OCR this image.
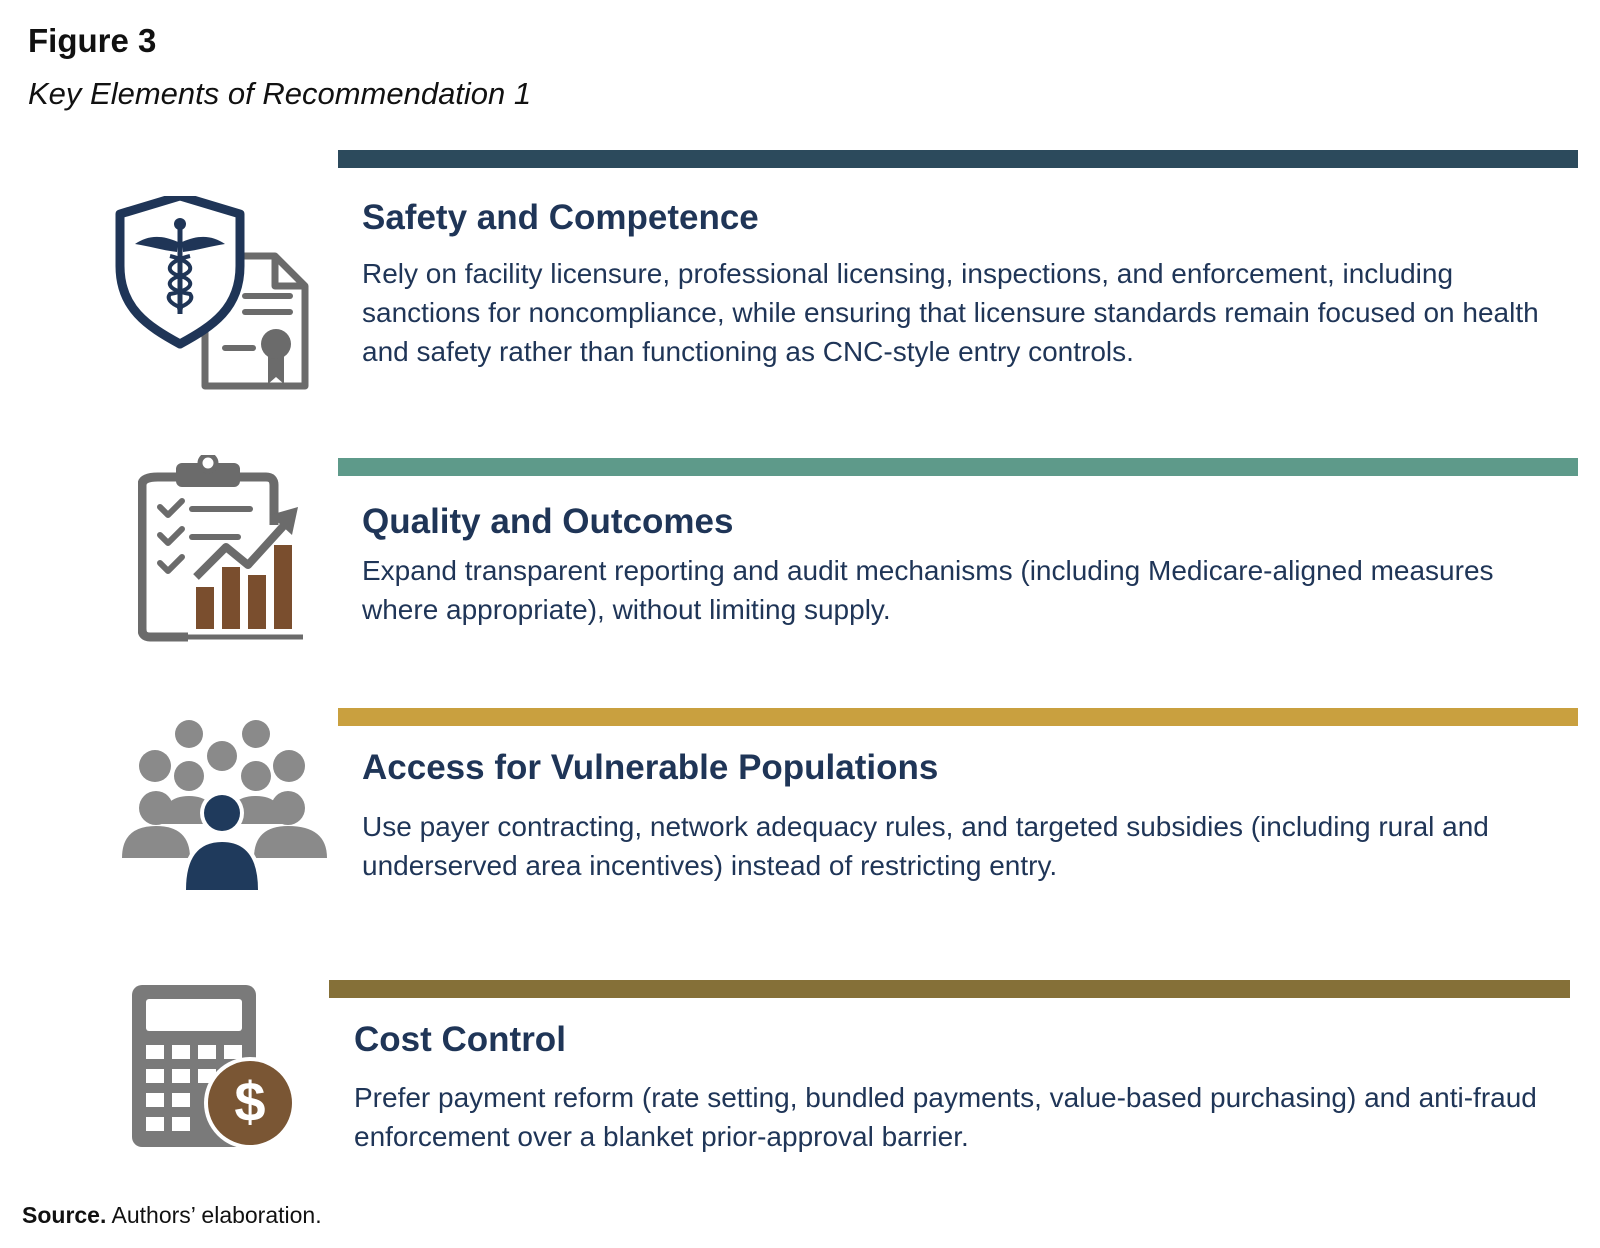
Figure 3
Key Elements of Recommendation 1
Safety and Competence
Rely on facility licensure, professional licensing, inspections, and enforcement, including sanctions for noncompliance, while ensuring that licensure standards remain focused on health and safety rather than functioning as CNC-style entry controls.
Quality and Outcomes
Expand transparent reporting and audit mechanisms (including Medicare-aligned measures where appropriate), without limiting supply.
Access for Vulnerable Populations
Use payer contracting, network adequacy rules, and targeted subsidies (including rural and underserved area incentives) instead of restricting entry.
$
Cost Control
Prefer payment reform (rate setting, bundled payments, value-based purchasing) and anti-fraud enforcement over a blanket prior-approval barrier.
Source. Authors’ elaboration.
